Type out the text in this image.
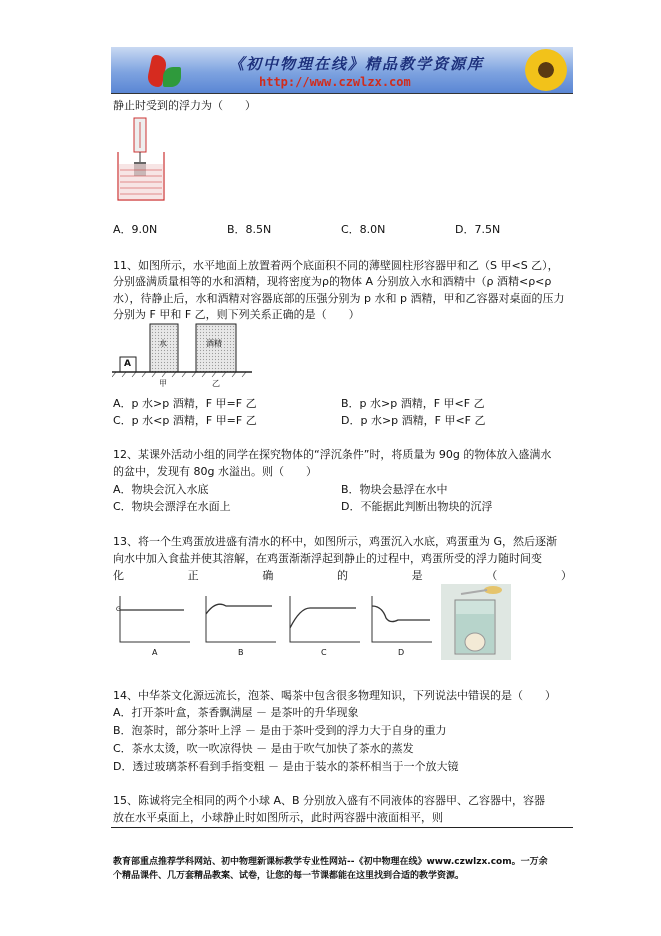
《初中物理在线》精品教学资源库
http://www.czwlzx.com
静止时受到的浮力为（　　）
A．9.0N	B．8.5N	C．8.0N	D．7.5N
11、如图所示，水平地面上放置着两个底面积不同的薄壁圆柱形容器甲和乙（S 甲<S 乙），
分别盛满质量相等的水和酒精，现将密度为ρ的物体 A 分别放入水和酒精中（ρ 酒精<ρ<ρ
水），待静止后，水和酒精对容器底部的压强分别为 p 水和 p 酒精，甲和乙容器对桌面的压力
分别为 F 甲和 F 乙，则下列关系正确的是（　　）
A
水	酒精
甲	乙
A．p 水>p 酒精，F 甲=F 乙	B．p 水>p 酒精，F 甲<F 乙
C．p 水<p 酒精，F 甲=F 乙	D．p 水>p 酒精，F 甲<F 乙
12、某课外活动小组的同学在探究物体的“浮沉条件”时，将质量为 90g 的物体放入盛满水
的盆中，发现有 80g 水溢出。则（　　）
A．物块会沉入水底	B．物块会悬浮在水中
C．物块会漂浮在水面上	D．不能据此判断出物块的沉浮
13、将一个生鸡蛋放进盛有清水的杯中，如图所示，鸡蛋沉入水底，鸡蛋重为 G，然后逐渐
向水中加入食盐并使其溶解，在鸡蛋渐渐浮起到静止的过程中，鸡蛋所受的浮力随时间变
化	正	确	的	是	（	）
G
A	B	C	D
14、中华茶文化源远流长，泡茶、喝茶中包含很多物理知识，下列说法中错误的是（　　）
A．打开茶叶盒，茶香飘满屋 － 是茶叶的升华现象
B．泡茶时，部分茶叶上浮 － 是由于茶叶受到的浮力大于自身的重力
C．茶水太烫，吹一吹凉得快 － 是由于吹气加快了茶水的蒸发
D．透过玻璃茶杯看到手指变粗 － 是由于装水的茶杯相当于一个放大镜
15、陈诚将完全相同的两个小球 A、B 分别放入盛有不同液体的容器甲、乙容器中，容器
放在水平桌面上，小球静止时如图所示，此时两容器中液面相平，则
教育部重点推荐学科网站、初中物理新课标教学专业性网站--《初中物理在线》www.czwlzx.com。一万余
个精品课件、几万套精品教案、试卷，让您的每一节课都能在这里找到合适的教学资源。
